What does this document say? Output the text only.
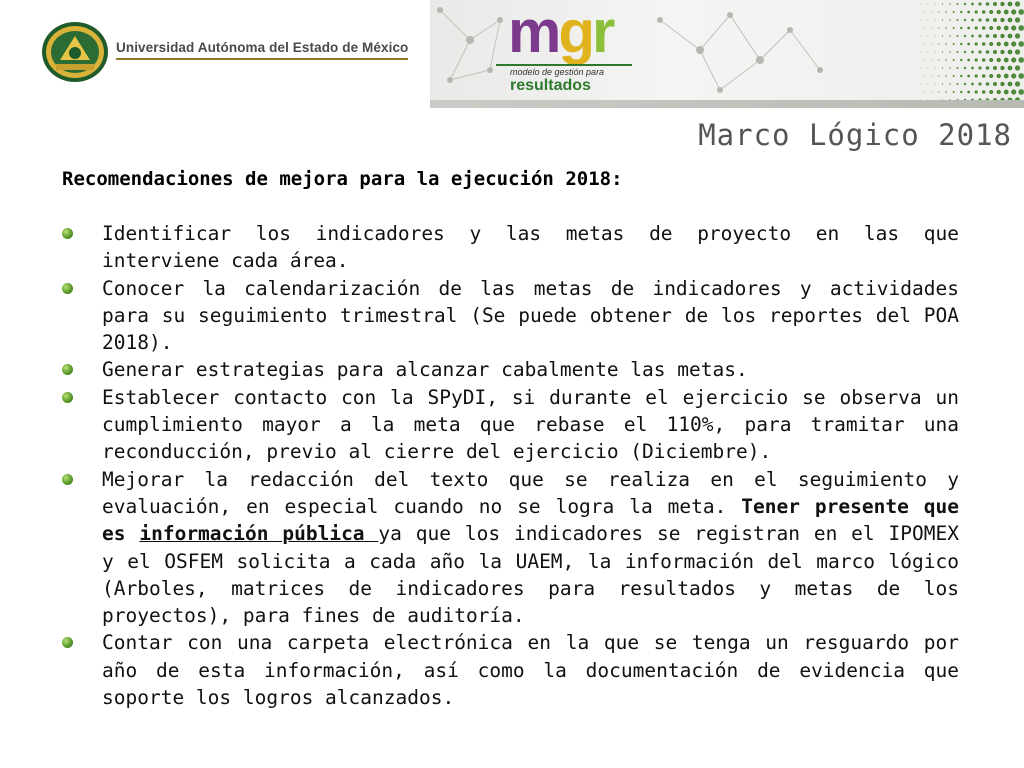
Universidad Autónoma del Estado de México mgr
modelo de gestión para
resultados
Marco Lógico 2018
Recomendaciones de mejora para la ejecución 2018:
Identificar los indicadores y las metas de proyecto en las que interviene cada área.
Conocer la calendarización de las metas de indicadores y actividades para su seguimiento trimestral (Se puede obtener de los reportes del POA 2018).
Generar estrategias para alcanzar cabalmente las metas.
Establecer contacto con la SPyDI, si durante el ejercicio se observa un cumplimiento mayor a la meta que rebase el 110%, para tramitar una reconducción, previo al cierre del ejercicio (Diciembre).
Mejorar la redacción del texto que se realiza en el seguimiento y evaluación, en especial cuando no se logra la meta. Tener presente que es información pública ya que los indicadores se registran en el IPOMEX y el OSFEM solicita a cada año la UAEM, la información del marco lógico (Arboles, matrices de indicadores para resultados y metas de los proyectos), para fines de auditoría.
Contar con una carpeta electrónica en la que se tenga un resguardo por año de esta información, así como la documentación de evidencia que soporte los logros alcanzados.
